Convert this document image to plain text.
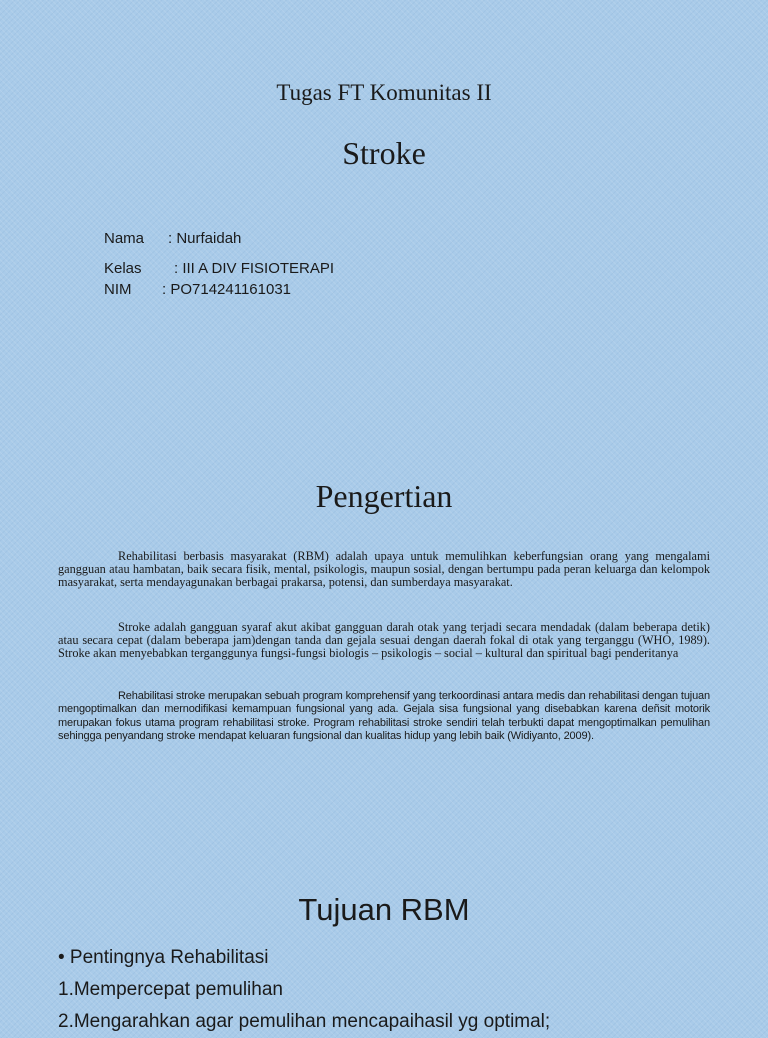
Tugas FT Komunitas II
Stroke
Nama : Nurfaidah
Kelas : III A DIV FISIOTERAPI
NIM : PO714241161031
Pengertian

Rehabilitasi berbasis masyarakat (RBM) adalah upaya untuk memulihkan keberfungsian orang yang mengalami gangguan atau hambatan, baik secara fisik, mental, psikologis, maupun sosial, dengan bertumpu pada peran keluarga dan kelompok masyarakat, serta mendayagunakan berbagai prakarsa, potensi, dan sumberdaya masyarakat.

Stroke adalah gangguan syaraf akut akibat gangguan darah otak yang terjadi secara mendadak (dalam beberapa detik) atau secara cepat (dalam beberapa jam)dengan tanda dan gejala sesuai dengan daerah fokal di otak yang terganggu (WHO, 1989). Stroke akan menyebabkan terganggunya fungsi-fungsi biologis – psikologis – social – kultural dan spiritual bagi penderitanya

Rehabilitasi stroke merupakan sebuah program komprehensif yang terkoordinasi antara medis dan rehabilitasi dengan tujuan mengoptimalkan dan mernodifikasi kemampuan fungsional yang ada. Gejala sisa fungsional yang disebabkan karena deñsit motorik merupakan fokus utama program rehabilitasi stroke. Program rehabilitasi stroke sendiri telah terbukti dapat mengoptimalkan pemulihan sehingga penyandang stroke mendapat keluaran fungsional dan kualitas hidup yang lebih baik (Widiyanto, 2009).

Tujuan RBM
• Pentingnya Rehabilitasi
1.Mempercepat pemulihan
2.Mengarahkan agar pemulihan mencapaihasil yg optimal;
